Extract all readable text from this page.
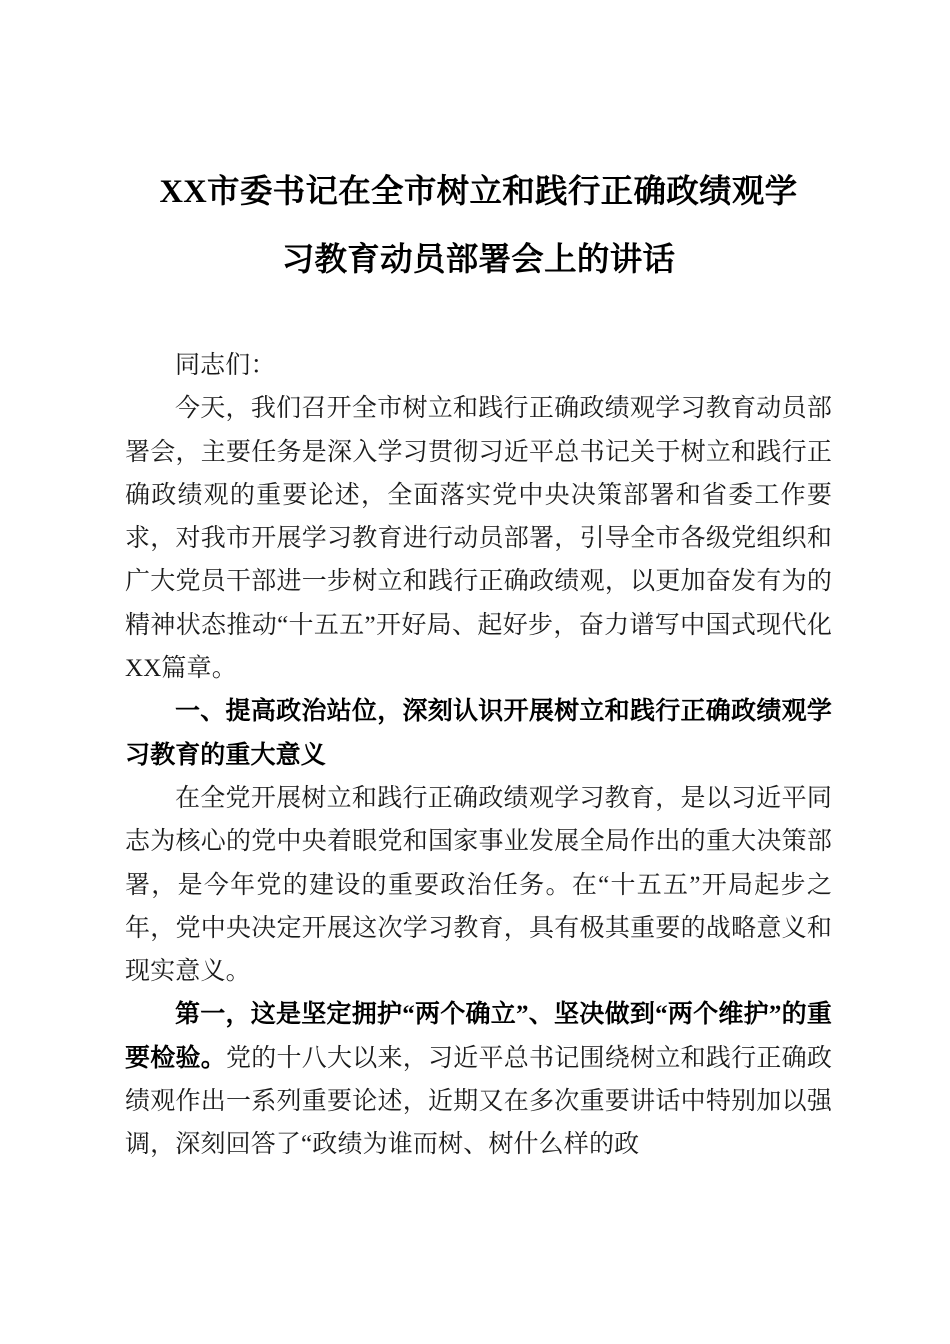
XX市委书记在全市树立和践行正确政绩观学
习教育动员部署会上的讲话

同志们：

今天，我们召开全市树立和践行正确政绩观学习教育动员部署会，主要任务是深入学习贯彻习近平总书记关于树立和践行正确政绩观的重要论述，全面落实党中央决策部署和省委工作要求，对我市开展学习教育进行动员部署，引导全市各级党组织和广大党员干部进一步树立和践行正确政绩观，以更加奋发有为的精神状态推动“十五五”开好局、起好步，奋力谱写中国式现代化XX篇章。

一、提高政治站位，深刻认识开展树立和践行正确政绩观学习教育的重大意义

在全党开展树立和践行正确政绩观学习教育，是以习近平同志为核心的党中央着眼党和国家事业发展全局作出的重大决策部署，是今年党的建设的重要政治任务。在“十五五”开局起步之年，党中央决定开展这次学习教育，具有极其重要的战略意义和现实意义。

第一，这是坚定拥护“两个确立”、坚决做到“两个维护”的重要检验。党的十八大以来，习近平总书记围绕树立和践行正确政绩观作出一系列重要论述，近期又在多次重要讲话中特别加以强调，深刻回答了“政绩为谁而树、树什么样的政
